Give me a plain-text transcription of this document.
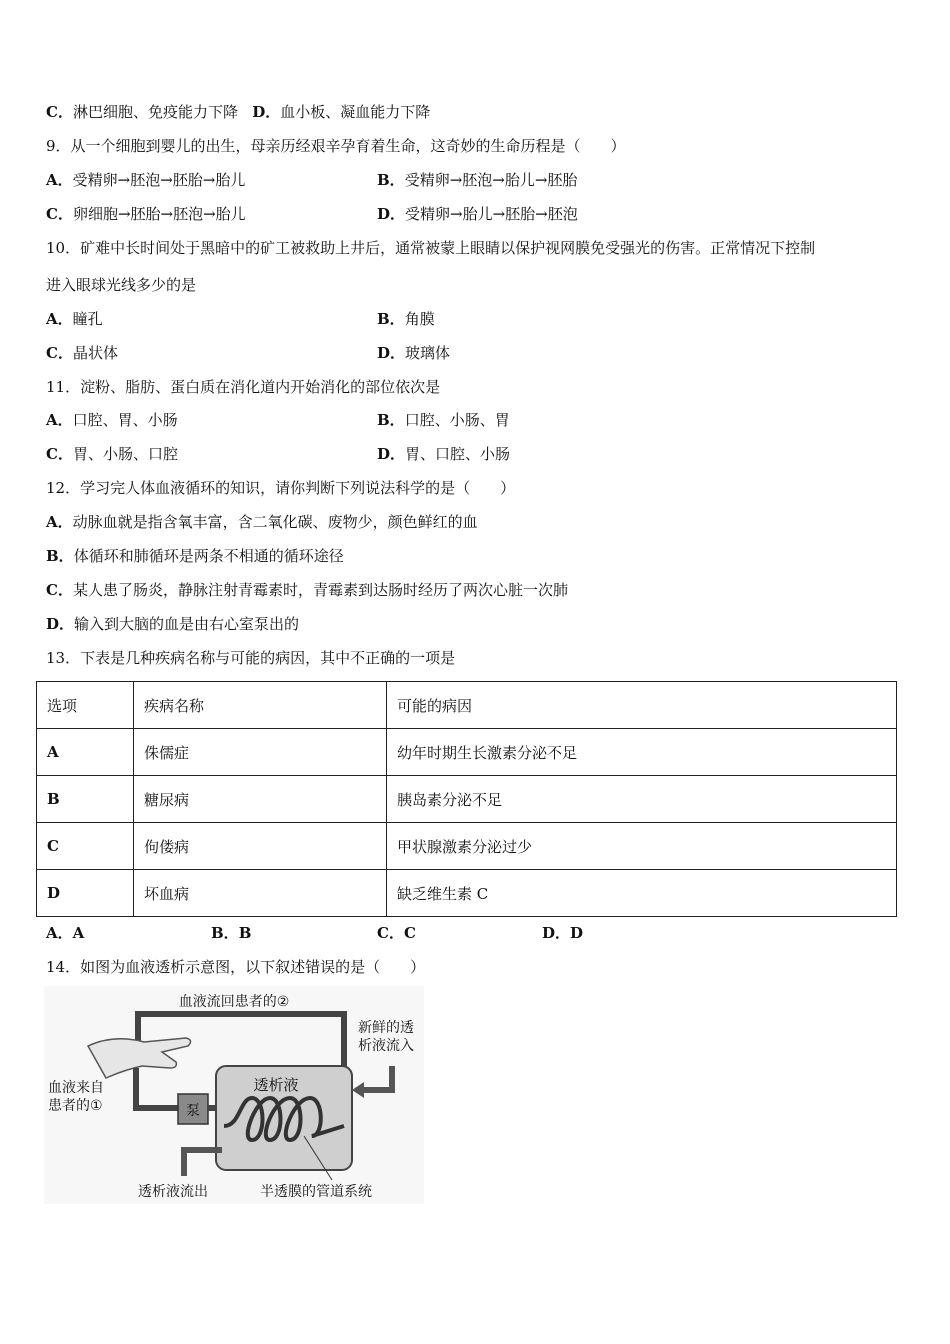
C．淋巴细胞、免疫能力下降 D．血小板、凝血能力下降
9．从一个细胞到婴儿的出生，母亲历经艰辛孕育着生命，这奇妙的生命历程是（　　）
A．受精卵→胚泡→胚胎→胎儿	B．受精卵→胚泡→胎儿→胚胎
C．卵细胞→胚胎→胚泡→胎儿	D．受精卵→胎儿→胚胎→胚泡
10．矿难中长时间处于黑暗中的矿工被救助上井后，通常被蒙上眼睛以保护视网膜免受强光的伤害。正常情况下控制
进入眼球光线多少的是
A．瞳孔	B．角膜
C．晶状体	D．玻璃体
11．淀粉、脂肪、蛋白质在消化道内开始消化的部位依次是
A．口腔、胃、小肠	B．口腔、小肠、胃
C．胃、小肠、口腔	D．胃、口腔、小肠
12．学习完人体血液循环的知识，请你判断下列说法科学的是（　　）
A．动脉血就是指含氧丰富，含二氧化碳、废物少，颜色鲜红的血
B．体循环和肺循环是两条不相通的循环途径
C．某人患了肠炎，静脉注射青霉素时，青霉素到达肠时经历了两次心脏一次肺
D．输入到大脑的血是由右心室泵出的
13．下表是几种疾病名称与可能的病因，其中不正确的一项是
选项	疾病名称	可能的病因
A	侏儒症	幼年时期生长激素分泌不足
B	糖尿病	胰岛素分泌不足
C	佝偻病	甲状腺激素分泌过少
D	坏血病	缺乏维生素 C
A．A	B．B	C．C	D．D
14．如图为血液透析示意图，以下叙述错误的是（　　）
泵
透析液
血液流回患者的②
新鲜的透
析液流入
血液来自
患者的①
透析液流出	半透膜的管道系统
